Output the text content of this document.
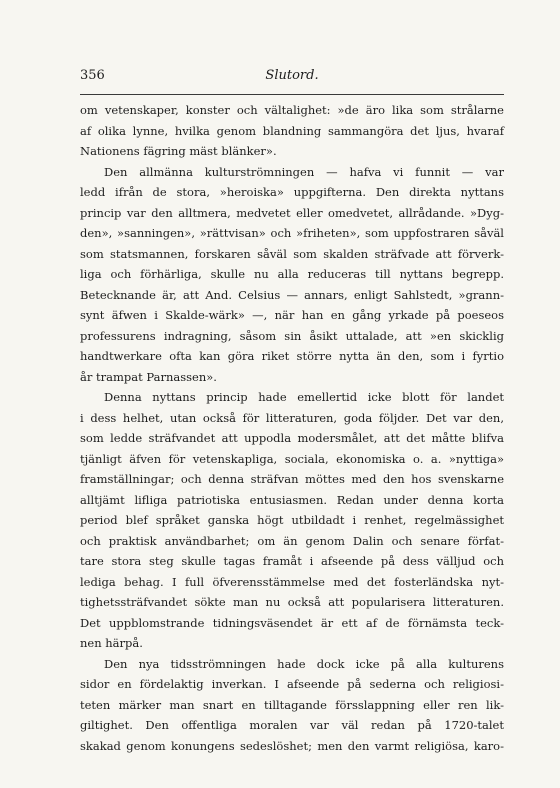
356	Slutord.
om vetenskaper, konster och vältalighet: »de äro lika som strålarne
af olika lynne, hvilka genom blandning sammangöra det ljus, hvaraf
Nationens fägring mäst blänker».
Den allmänna kulturströmningen — hafva vi funnit — var
ledd ifrån de stora, »heroiska» uppgifterna. Den direkta nyttans
princip var den alltmera, medvetet eller omedvetet, allrådande. »Dyg-
den», »sanningen», »rättvisan» och »friheten», som uppfostraren såväl
som statsmannen, forskaren såväl som skalden sträfvade att förverk-
liga och förhärliga, skulle nu alla reduceras till nyttans begrepp.
Betecknande är, att And. Celsius — annars, enligt Sahlstedt, »grann-
synt äfwen i Skalde-wärk» —, när han en gång yrkade på poeseos
professurens indragning, såsom sin åsikt uttalade, att »en skicklig
handtwerkare ofta kan göra riket större nytta än den, som i fyrtio
år trampat Parnassen».
Denna nyttans princip hade emellertid icke blott för landet
i dess helhet, utan också för litteraturen, goda följder. Det var den,
som ledde sträfvandet att uppodla modersmålet, att det måtte blifva
tjänligt äfven för vetenskapliga, sociala, ekonomiska o. a. »nyttiga»
framställningar; och denna sträfvan möttes med den hos svenskarne
alltjämt lifliga patriotiska entusiasmen. Redan under denna korta
period blef språket ganska högt utbildadt i renhet, regelmässighet
och praktisk användbarhet; om än genom Dalin och senare förfat-
tare stora steg skulle tagas framåt i afseende på dess välljud och
lediga behag. I full öfverensstämmelse med det fosterländska nyt-
tighetssträfvandet sökte man nu också att popularisera litteraturen.
Det uppblomstrande tidningsväsendet är ett af de förnämsta teck-
nen härpå.
Den nya tidsströmningen hade dock icke på alla kulturens
sidor en fördelaktig inverkan. I afseende på sederna och religiosi-
teten märker man snart en tilltagande försslappning eller ren lik-
giltighet. Den offentliga moralen var väl redan på 1720-talet
skakad genom konungens sedeslöshet; men den varmt religiösa, karo-
